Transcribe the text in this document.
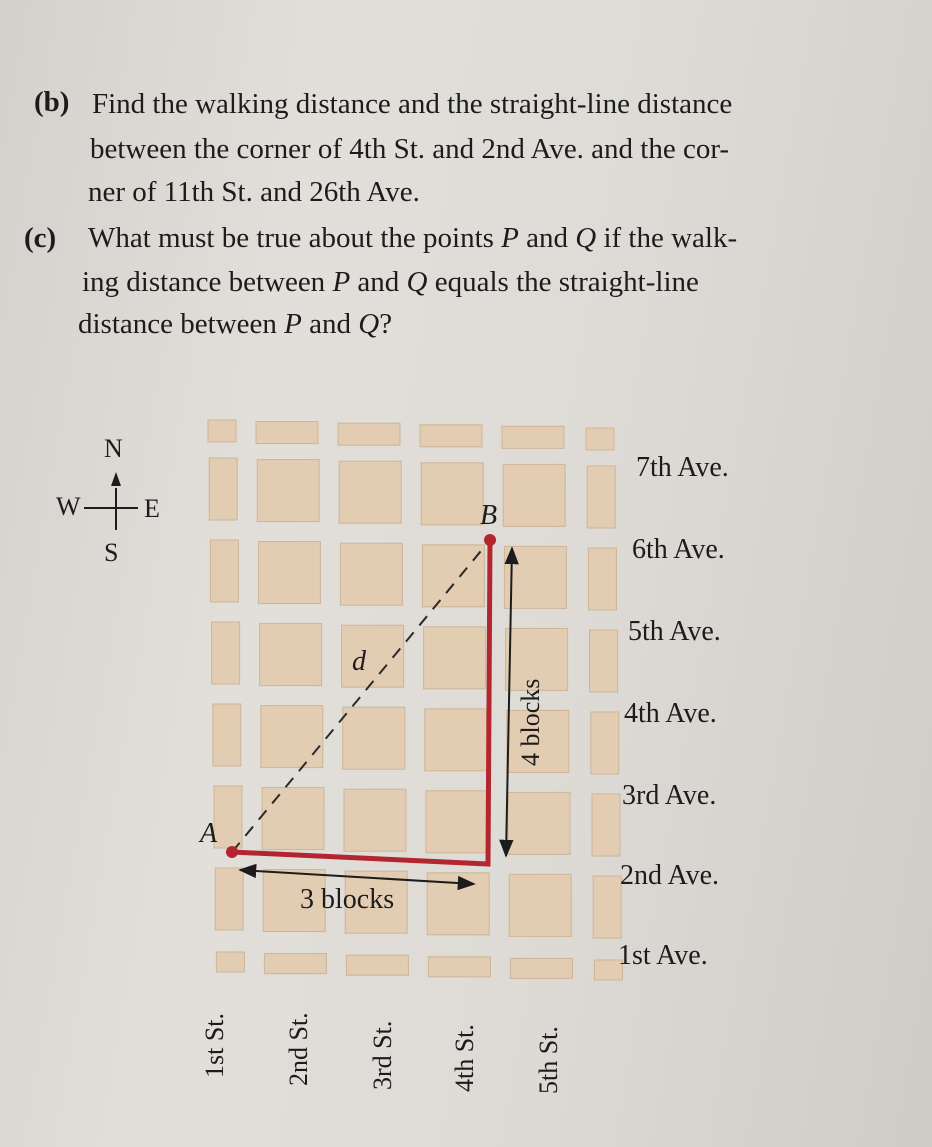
(b) Find the walking distance and the straight-line distance
between the corner of 4th St. and 2nd Ave. and the cor-
ner of 11th St. and 26th Ave.
(c) What must be true about the points P and Q if the walk-
ing distance between P and Q equals the straight-line
distance between P and Q?
N
W E
S
7th Ave.
6th Ave.
5th Ave.
4th Ave.
3rd Ave.
2nd Ave.
1st Ave.
1st St. 2nd St. 3rd St. 4th St. 5th St.
A
B
d
3 blocks
4 blocks
